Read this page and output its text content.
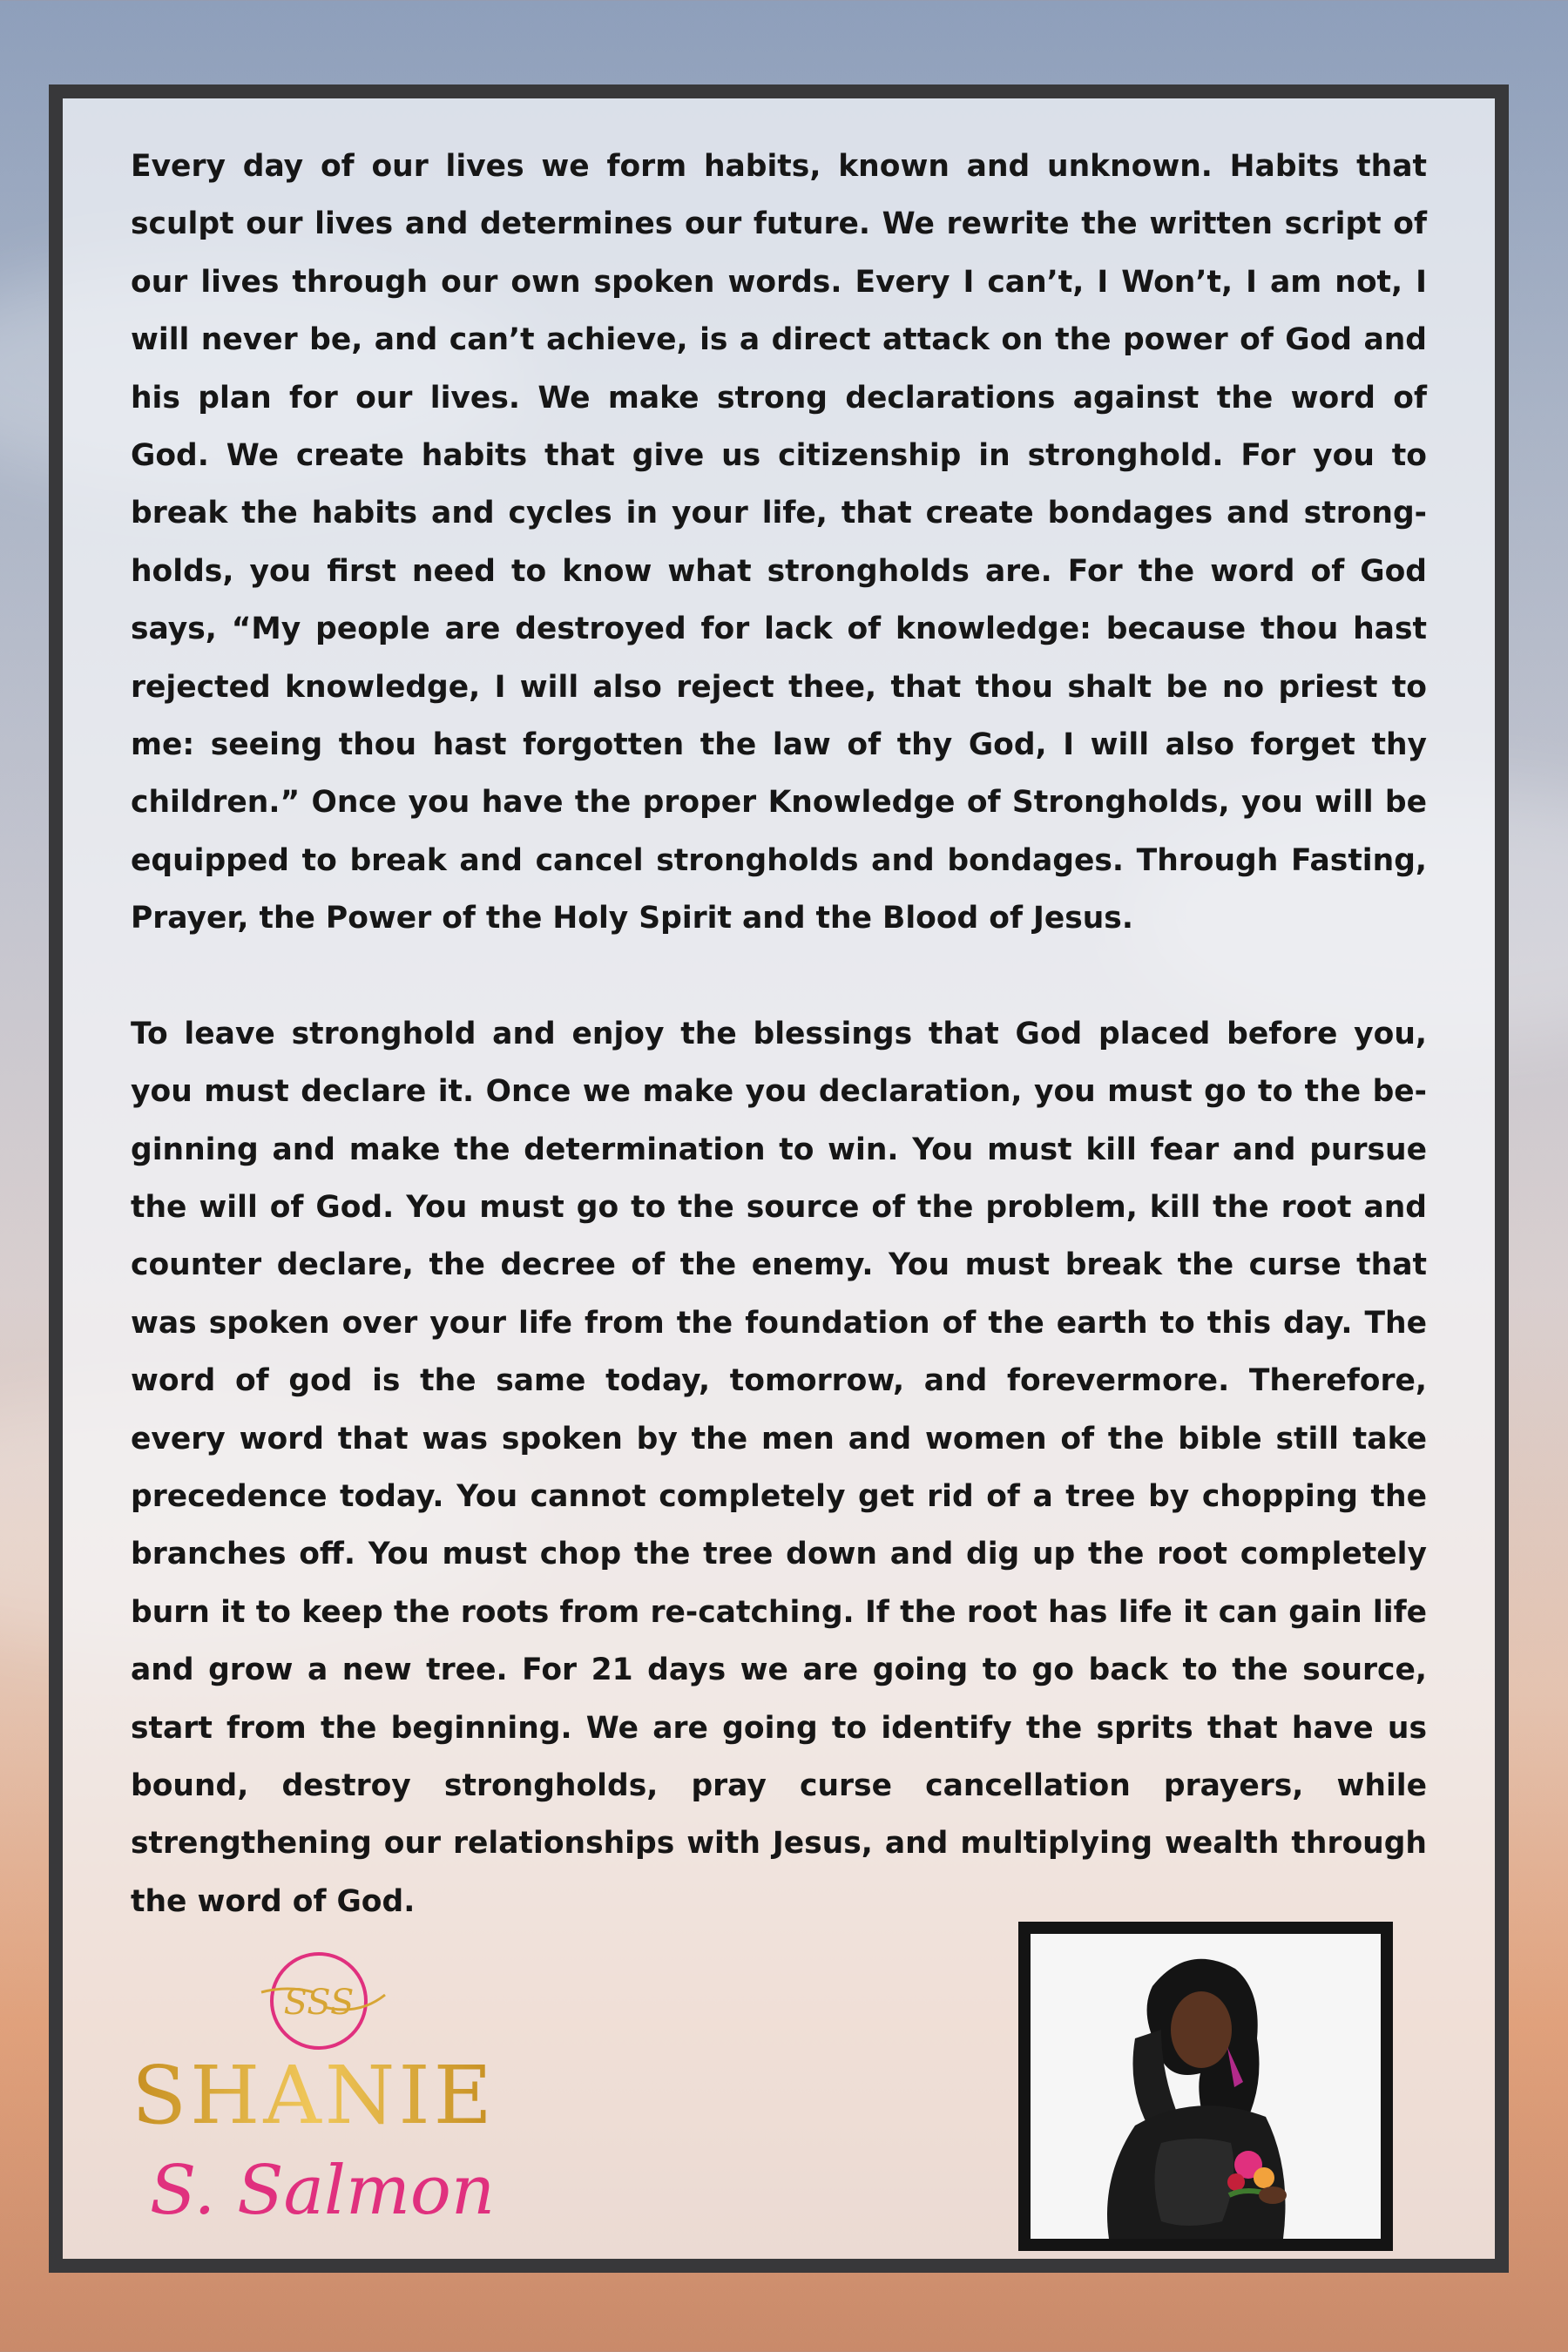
Every day of our lives we form habits, known and unknown. Habits that sculpt our lives and determines our future. We rewrite the written script of our lives through our own spoken words. Every I can’t, I Won’t, I am not, I will never be, and can’t achieve, is a direct attack on the power of God and his plan for our lives. We make strong declarations against the word of God. We create habits that give us citizenship in stronghold. For you to break the habits and cycles in your life, that create bondages and strong-holds, you first need to know what strongholds are. For the word of God says, “My people are destroyed for lack of knowledge: because thou hast rejected knowledge, I will also reject thee, that thou shalt be no priest to me: seeing thou hast forgotten the law of thy God, I will also forget thy children.” Once you have the proper Knowledge of Strongholds, you will be equipped to break and cancel strongholds and bondages. Through Fasting, Prayer, the Power of the Holy Spirit and the Blood of Jesus.

To leave stronghold and enjoy the blessings that God placed before you, you must declare it. Once we make you declaration, you must go to the be-ginning and make the determination to win. You must kill fear and pursue the will of God. You must go to the source of the problem, kill the root and counter declare, the decree of the enemy. You must break the curse that was spoken over your life from the foundation of the earth to this day. The word of god is the same today, tomorrow, and forevermore. Therefore, every word that was spoken by the men and women of the bible still take precedence today. You cannot completely get rid of a tree by chopping the branches off. You must chop the tree down and dig up the root completely burn it to keep the roots from re-catching. If the root has life it can gain life and grow a new tree. For 21 days we are going to go back to the source, start from the beginning. We are going to identify the sprits that have us bound, destroy strongholds, pray curse cancellation prayers, while strengthening our relationships with Jesus, and multiplying wealth through the word of God.

SSS
SHANIE
S. Salmon
